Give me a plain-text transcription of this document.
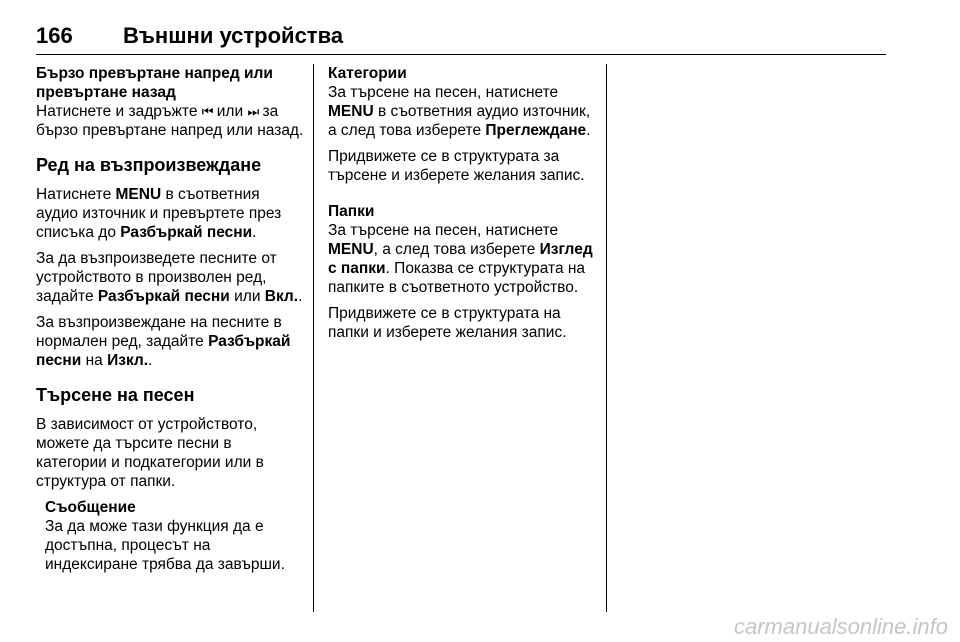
166 Външни устройства

Бързо превъртане напред или превъртане назад

Натиснете и задръжте ⏮ или ⏭ за бързо превъртане напред или назад.

Ред на възпроизвеждане

Натиснете MENU в съответния аудио източник и превъртете през списъка до Разбъркай песни.

За да възпроизведете песните от устройството в произволен ред, задайте Разбъркай песни или Вкл..

За възпроизвеждане на песните в нормален ред, задайте Разбъркай песни на Изкл..

Търсене на песен

В зависимост от устройството, можете да търсите песни в категории и подкатегории или в структура от папки.

Съобщение
За да може тази функция да е достъпна, процесът на индексиране трябва да завърши.

Категории

За търсене на песен, натиснете MENU в съответния аудио източник, а след това изберете Преглеждане.

Придвижете се в структурата за търсене и изберете желания запис.

Папки

За търсене на песен, натиснете MENU, а след това изберете Изглед с папки. Показва се структурата на папките в съответното устройство.

Придвижете се в структурата на папки и изберете желания запис.

carmanualsonline.info
